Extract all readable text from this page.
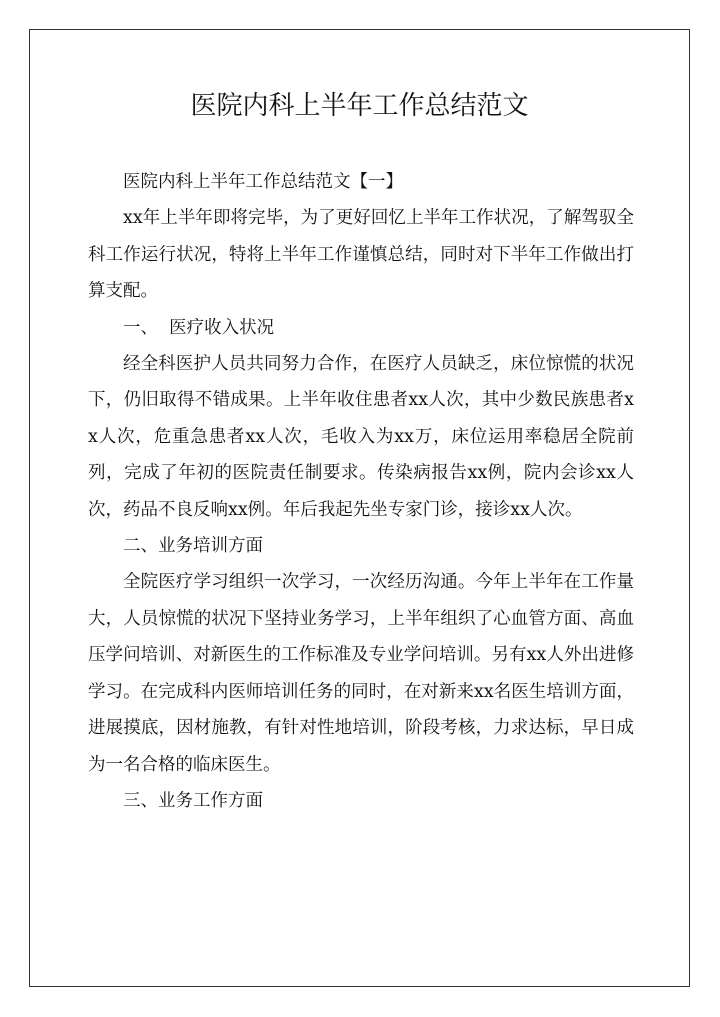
医院内科上半年工作总结范文

医院内科上半年工作总结范文【一】

xx年上半年即将完毕，为了更好回忆上半年工作状况，了解驾驭全科工作运行状况，特将上半年工作谨慎总结，同时对下半年工作做出打算支配。

一、  医疗收入状况

经全科医护人员共同努力合作，在医疗人员缺乏，床位惊慌的状况下，仍旧取得不错成果。上半年收住患者xx人次，其中少数民族患者xx人次，危重急患者xx人次，毛收入为xx万，床位运用率稳居全院前列，完成了年初的医院责任制要求。传染病报告xx例，院内会诊xx人次，药品不良反响xx例。年后我起先坐专家门诊，接诊xx人次。

二、业务培训方面

全院医疗学习组织一次学习，一次经历沟通。今年上半年在工作量大，人员惊慌的状况下坚持业务学习，上半年组织了心血管方面、高血压学问培训、对新医生的工作标准及专业学问培训。另有xx人外出进修学习。在完成科内医师培训任务的同时，在对新来xx名医生培训方面，进展摸底，因材施教，有针对性地培训，阶段考核，力求达标，早日成为一名合格的临床医生。

三、业务工作方面
